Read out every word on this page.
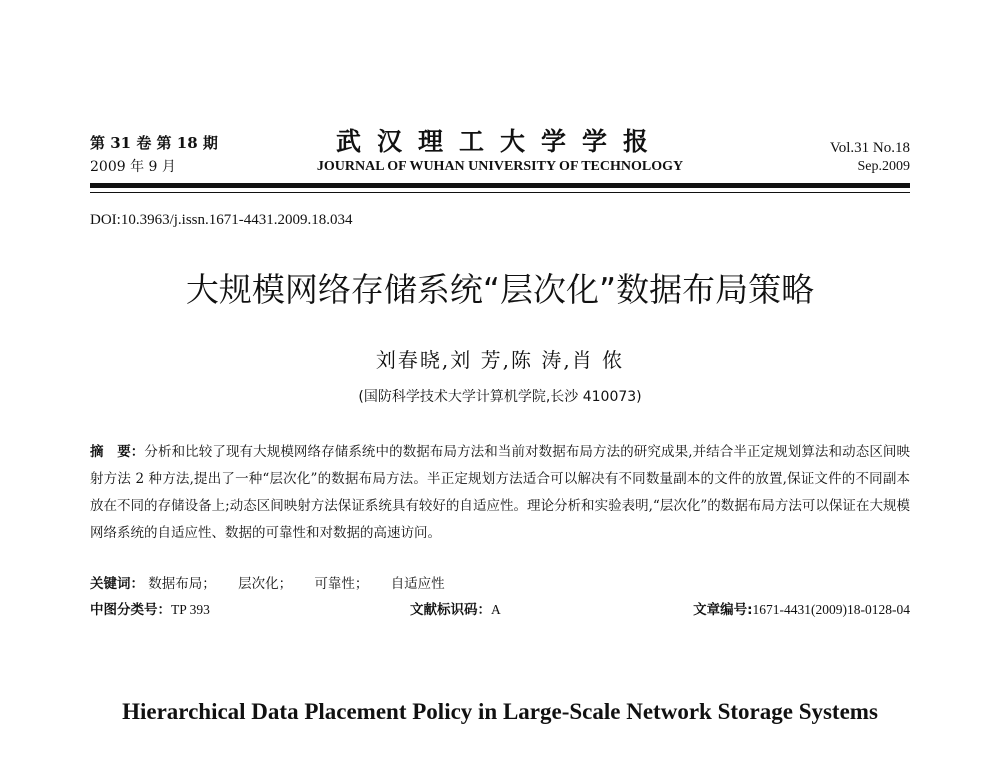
第 31 卷 第 18 期
2009 年 9 月
武汉理工大学学报
JOURNAL OF WUHAN UNIVERSITY OF TECHNOLOGY
Vol.31 No.18
Sep.2009
DOI:10.3963/j.issn.1671-4431.2009.18.034
大规模网络存储系统“层次化”数据布局策略
刘春晓,刘 芳,陈 涛,肖 侬
(国防科学技术大学计算机学院,长沙 410073)
摘　要：分析和比较了现有大规模网络存储系统中的数据布局方法和当前对数据布局方法的研究成果,并结合半正定规划算法和动态区间映射方法 2 种方法,提出了一种“层次化”的数据布局方法。半正定规划方法适合可以解决有不同数量副本的文件的放置,保证文件的不同副本放在不同的存储设备上;动态区间映射方法保证系统具有较好的自适应性。理论分析和实验表明,“层次化”的数据布局方法可以保证在大规模网络系统的自适应性、数据的可靠性和对数据的高速访问。
关键词： 数据布局； 层次化； 可靠性； 自适应性
中图分类号：TP 393	文献标识码：A	文章编号:1671-4431(2009)18-0128-04
Hierarchical Data Placement Policy in Large-Scale Network Storage Systems
